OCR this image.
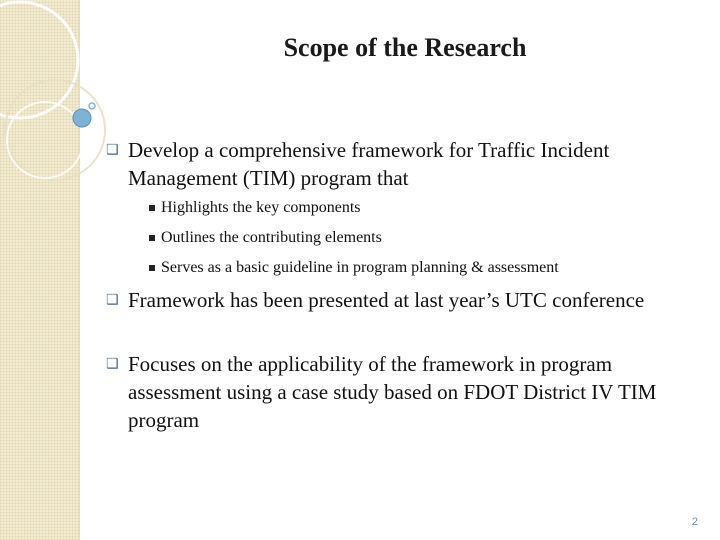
Scope of the Research
❑ Develop a comprehensive framework for Traffic Incident Management (TIM) program that
Highlights the key components
Outlines the contributing elements
Serves as a basic guideline in program planning & assessment
❑ Framework has been presented at last year’s UTC conference
❑ Focuses on the applicability of the framework in program assessment using a case study based on FDOT District IV TIM program
2
